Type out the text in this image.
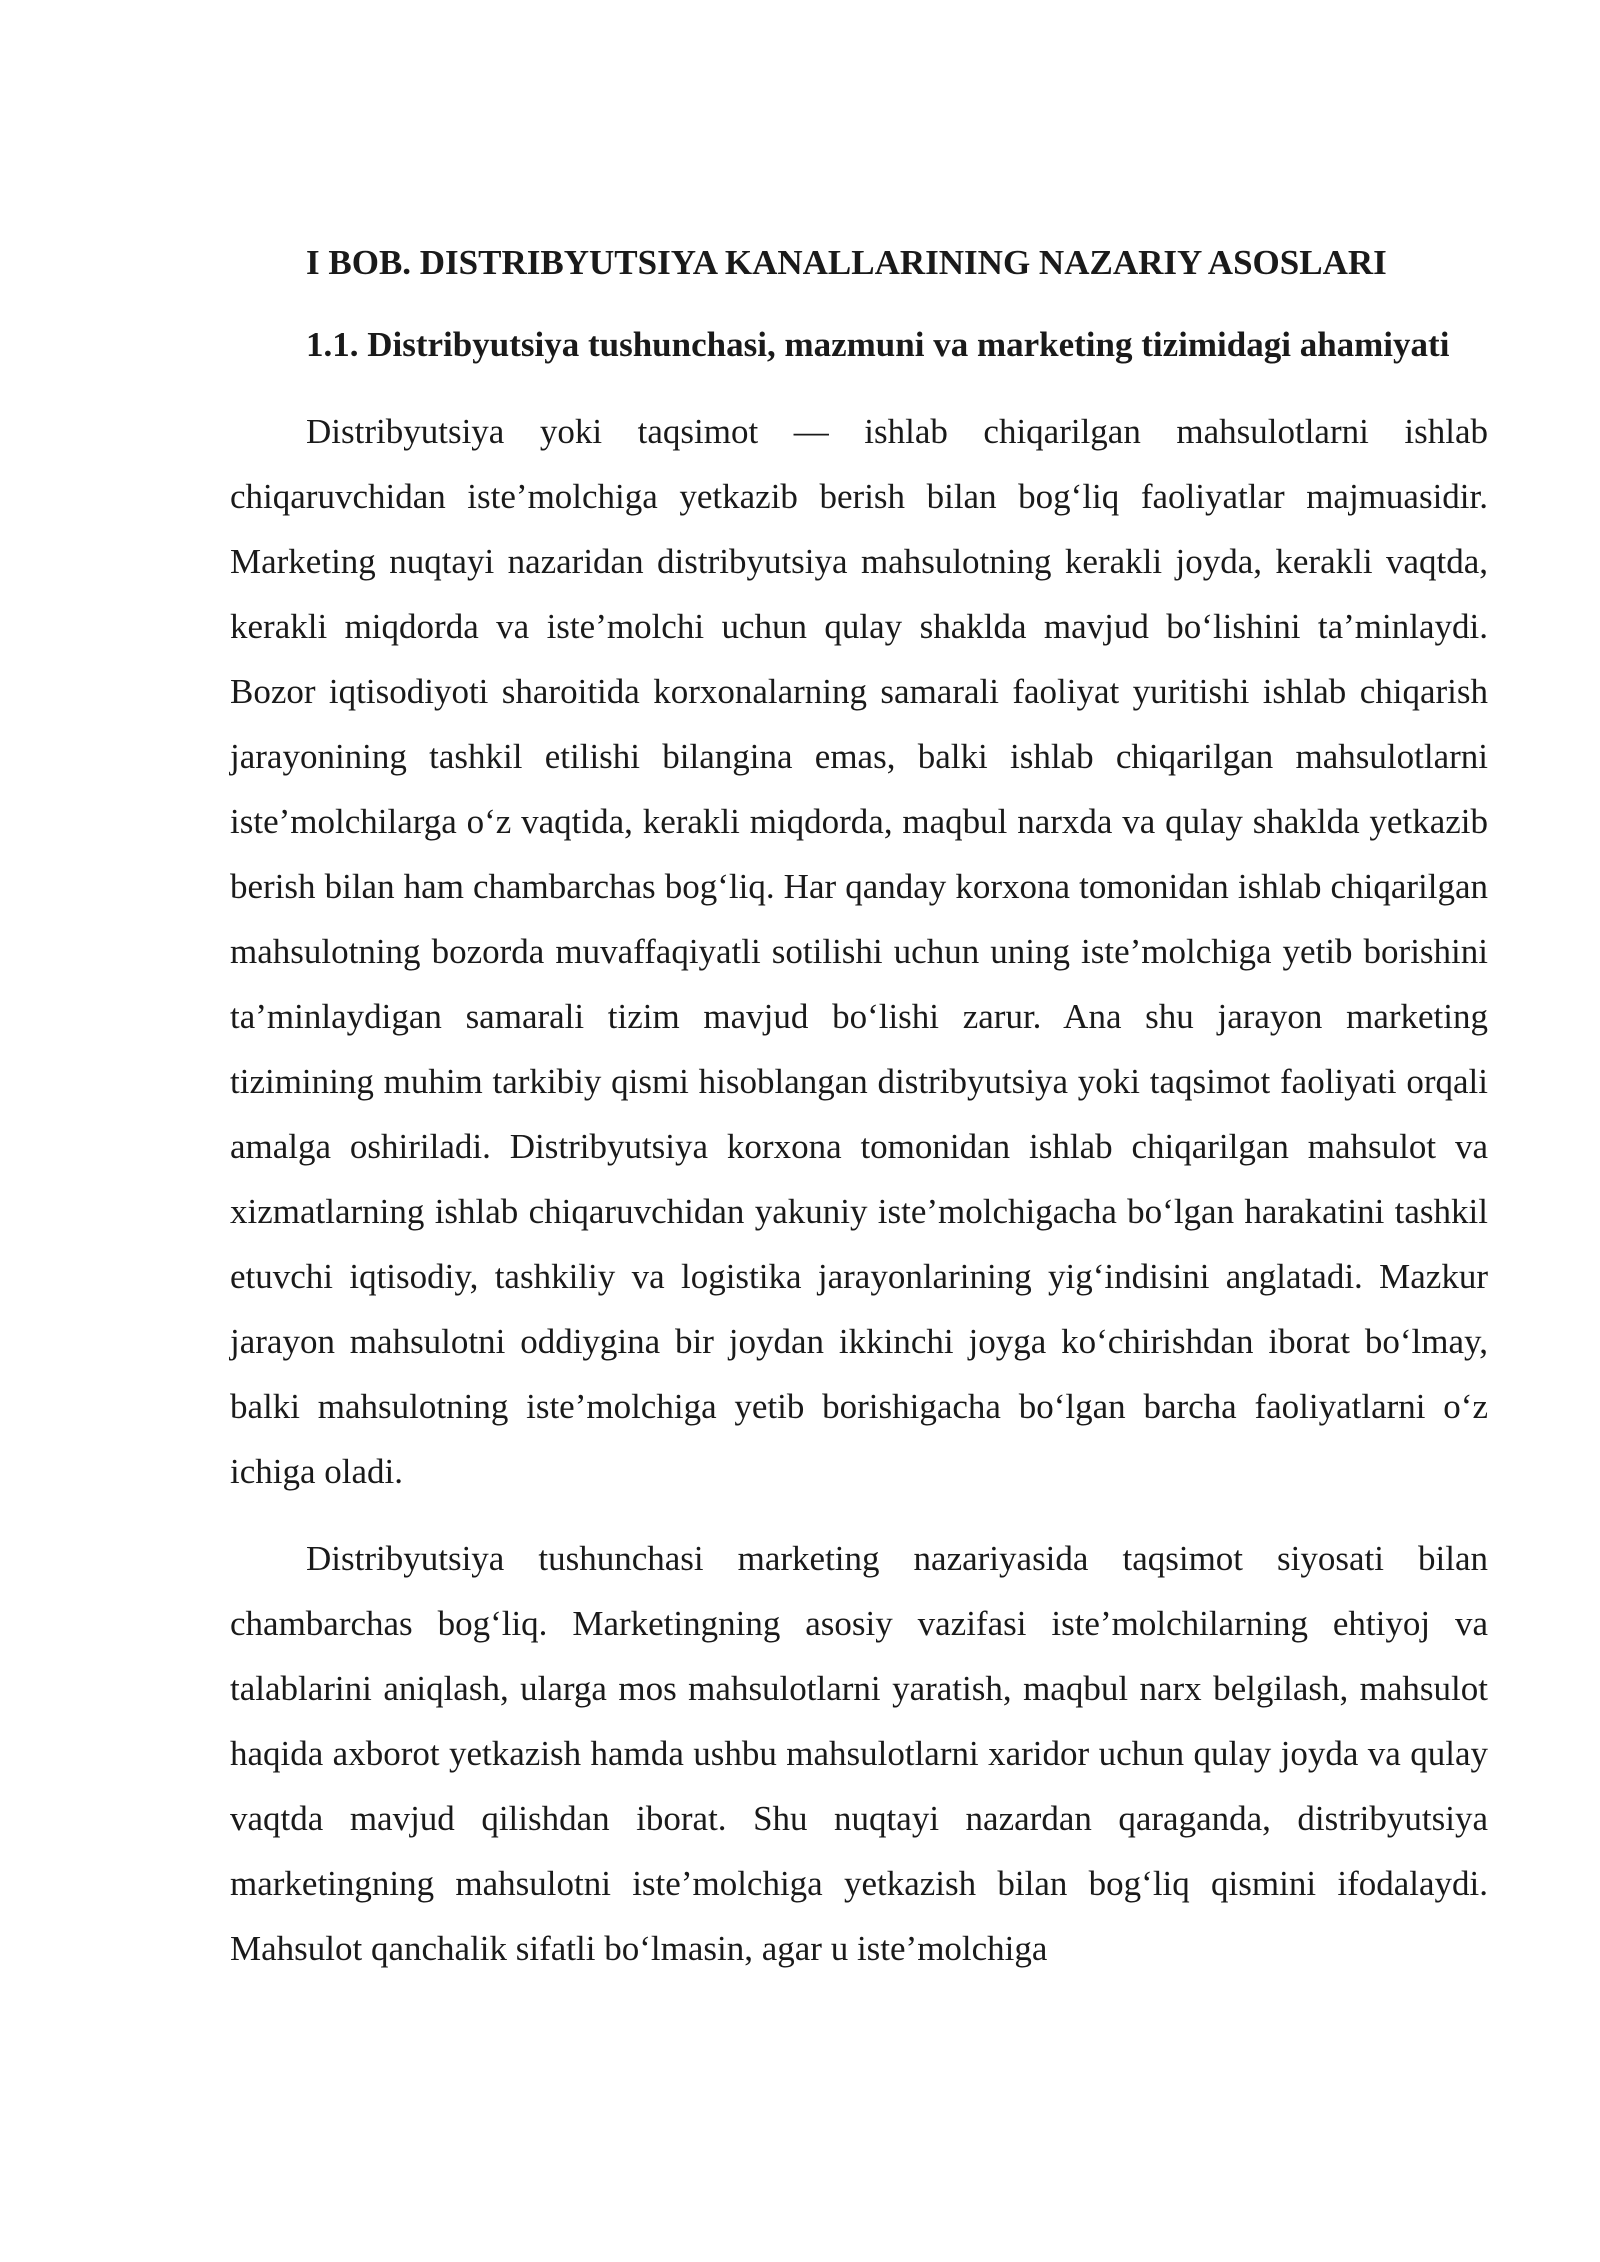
I BOB. DISTRIBYUTSIYA KANALLARINING NAZARIY ASOSLARI
1.1. Distribyutsiya tushunchasi, mazmuni va marketing tizimidagi ahamiyati

Distribyutsiya yoki taqsimot — ishlab chiqarilgan mahsulotlarni ishlab chiqaruvchidan iste’molchiga yetkazib berish bilan bog‘liq faoliyatlar majmuasidir. Marketing nuqtayi nazaridan distribyutsiya mahsulotning kerakli joyda, kerakli vaqtda, kerakli miqdorda va iste’molchi uchun qulay shaklda mavjud bo‘lishini ta’minlaydi. Bozor iqtisodiyoti sharoitida korxonalarning samarali faoliyat yuritishi ishlab chiqarish jarayonining tashkil etilishi bilangina emas, balki ishlab chiqarilgan mahsulotlarni iste’molchilarga o‘z vaqtida, kerakli miqdorda, maqbul narxda va qulay shaklda yetkazib berish bilan ham chambarchas bog‘liq. Har qanday korxona tomonidan ishlab chiqarilgan mahsulotning bozorda muvaffaqiyatli sotilishi uchun uning iste’molchiga yetib borishini ta’minlaydigan samarali tizim mavjud bo‘lishi zarur. Ana shu jarayon marketing tizimining muhim tarkibiy qismi hisoblangan distribyutsiya yoki taqsimot faoliyati orqali amalga oshiriladi. Distribyutsiya korxona tomonidan ishlab chiqarilgan mahsulot va xizmatlarning ishlab chiqaruvchidan yakuniy iste’molchigacha bo‘lgan harakatini tashkil etuvchi iqtisodiy, tashkiliy va logistika jarayonlarining yig‘indisini anglatadi. Mazkur jarayon mahsulotni oddiygina bir joydan ikkinchi joyga ko‘chirishdan iborat bo‘lmay, balki mahsulotning iste’molchiga yetib borishigacha bo‘lgan barcha faoliyatlarni o‘z ichiga oladi.

Distribyutsiya tushunchasi marketing nazariyasida taqsimot siyosati bilan chambarchas bog‘liq. Marketingning asosiy vazifasi iste’molchilarning ehtiyoj va talablarini aniqlash, ularga mos mahsulotlarni yaratish, maqbul narx belgilash, mahsulot haqida axborot yetkazish hamda ushbu mahsulotlarni xaridor uchun qulay joyda va qulay vaqtda mavjud qilishdan iborat. Shu nuqtayi nazardan qaraganda, distribyutsiya marketingning mahsulotni iste’molchiga yetkazish bilan bog‘liq qismini ifodalaydi. Mahsulot qanchalik sifatli bo‘lmasin, agar u iste’molchiga
